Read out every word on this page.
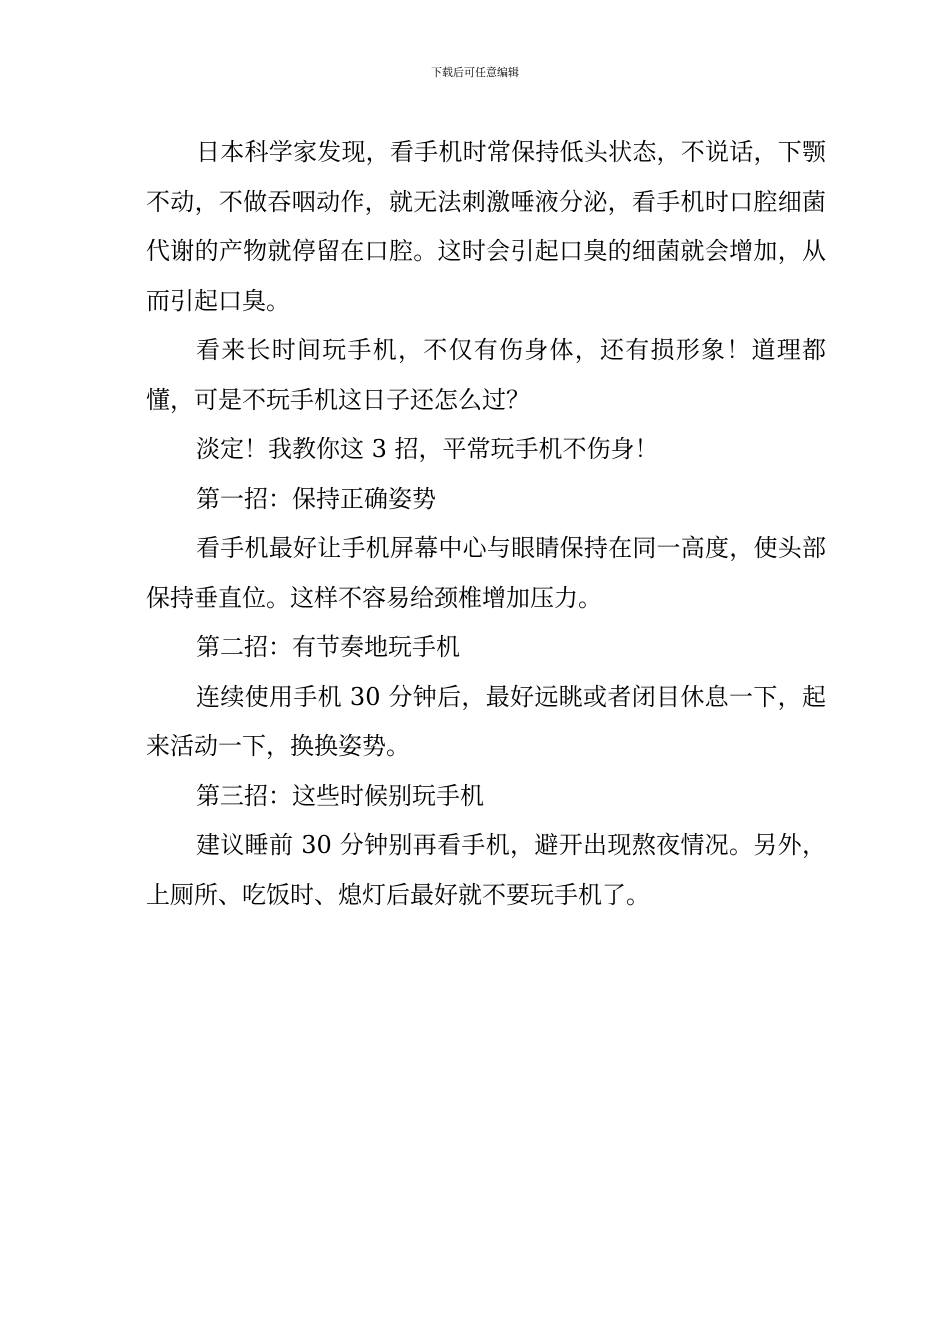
下载后可任意编辑

日本科学家发现，看手机时常保持低头状态，不说话，下颚不动，不做吞咽动作，就无法刺激唾液分泌，看手机时口腔细菌代谢的产物就停留在口腔。这时会引起口臭的细菌就会增加，从而引起口臭。

看来长时间玩手机，不仅有伤身体，还有损形象！道理都懂，可是不玩手机这日子还怎么过？

淡定！我教你这 3 招，平常玩手机不伤身！

第一招：保持正确姿势

看手机最好让手机屏幕中心与眼睛保持在同一高度，使头部保持垂直位。这样不容易给颈椎增加压力。

第二招：有节奏地玩手机

连续使用手机 30 分钟后，最好远眺或者闭目休息一下，起来活动一下，换换姿势。

第三招：这些时候别玩手机

建议睡前 30 分钟别再看手机，避开出现熬夜情况。另外，上厕所、吃饭时、熄灯后最好就不要玩手机了。
